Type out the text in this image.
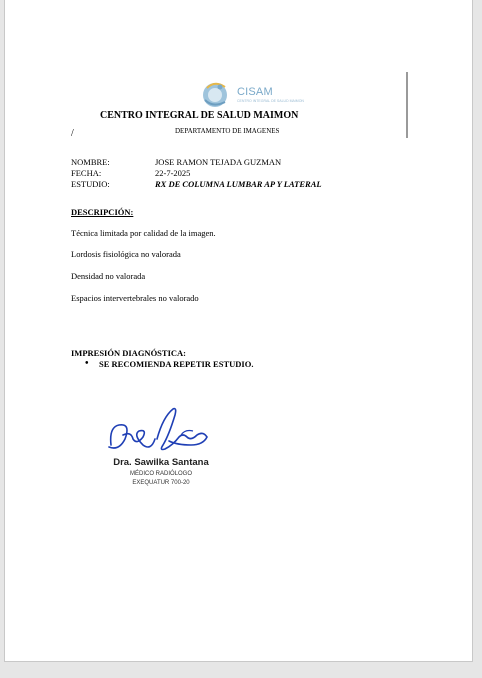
CISAM
CENTRO INTEGRAL DE SALUD MAIMON
CENTRO INTEGRAL DE SALUD MAIMON
/	DEPARTAMENTO DE IMAGENES
NOMBRE:	JOSE RAMON TEJADA GUZMAN
FECHA:	22-7-2025
ESTUDIO:	RX DE COLUMNA LUMBAR AP Y LATERAL
DESCRIPCIÓN:
Técnica limitada por calidad de la imagen.
Lordosis fisiológica no valorada
Densidad no valorada
Espacios intervertebrales no valorado
IMPRESIÓN DIAGNÓSTICA:
• SE RECOMIENDA REPETIR ESTUDIO.
Dra. Sawilka Santana
MÉDICO RADIÓLOGO
EXEQUATUR 700-20
